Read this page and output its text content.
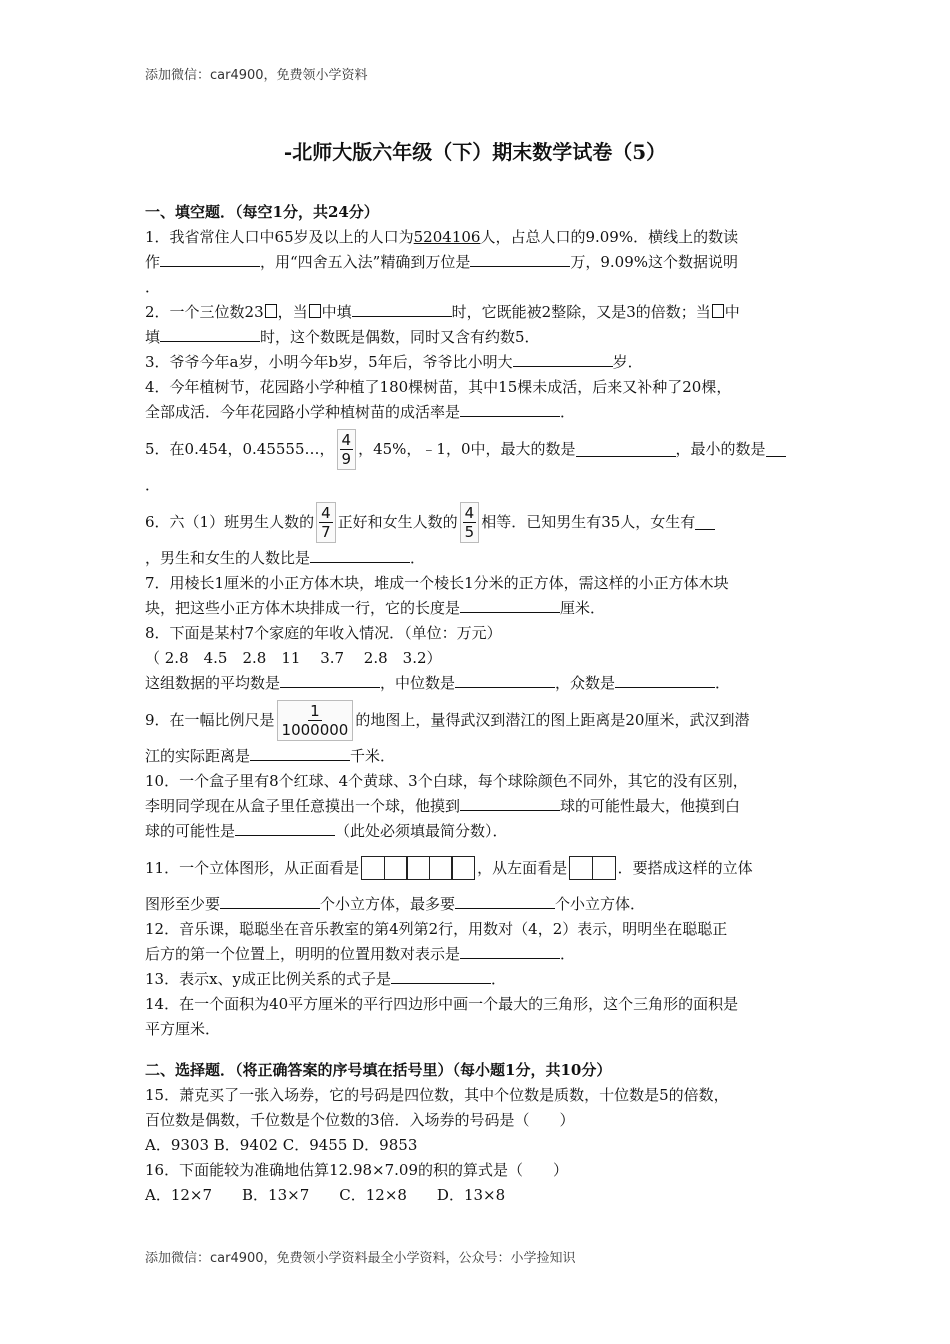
添加微信：car4900，免费领小学资料
-北师大版六年级（下）期末数学试卷（5）
一、填空题．（每空1分，共24分）
1．我省常住人口中65岁及以上的人口为5204106人，占总人口的9.09%．横线上的数读
作	，用“四舍五入法”精确到万位是	万，9.09%这个数据说明
．
2．一个三位数23 ，当 中填	时，它既能被2整除，又是3的倍数；当 中
填	时，这个数既是偶数，同时又含有约数5．
3．爷爷今年a岁，小明今年b岁，5年后，爷爷比小明大	岁．
4．今年植树节，花园路小学种植了180棵树苗，其中15棵未成活，后来又补种了20棵，
全部成活．今年花园路小学种植树苗的成活率是	．
5．在0.454，0.45555…， $\frac{4}{9}$ ，45%，﹣1，0中，最大的数是	，最小的数是
．
6．六（1）班男生人数的 $\frac{4}{7}$ 正好和女生人数的 $\frac{4}{5}$ 相等．已知男生有35人，女生有
，男生和女生的人数比是	．
7．用棱长1厘米的小正方体木块，堆成一个棱长1分米的正方体，需这样的小正方体木块
块，把这些小正方体木块排成一行，它的长度是	厘米．
8．下面是某村7个家庭的年收入情况．（单位：万元）
（ 2.8　4.5　2.8　11　 3.7　 2.8　3.2）
这组数据的平均数是	，中位数是	，众数是	．
9．在一幅比例尺是 $\frac{1}{1000000}$ 的地图上，量得武汉到潜江的图上距离是20厘米，武汉到潜
江的实际距离是	千米．
10．一个盒子里有8个红球、4个黄球、3个白球，每个球除颜色不同外，其它的没有区别，
李明同学现在从盒子里任意摸出一个球，他摸到	球的可能性最大，他摸到白
球的可能性是	（此处必须填最简分数）．
11．一个立体图形，从正面看是	，从左面看是	．要搭成这样的立体
图形至少要	个小立方体，最多要	个小立方体．
12．音乐课，聪聪坐在音乐教室的第4列第2行，用数对（4，2）表示，明明坐在聪聪正
后方的第一个位置上，明明的位置用数对表示是	．
13．表示x、y成正比例关系的式子是	．
14．在一个面积为40平方厘米的平行四边形中画一个最大的三角形，这个三角形的面积是
平方厘米．
二、选择题．（将正确答案的序号填在括号里）（每小题1分，共10分）
15．萧克买了一张入场券，它的号码是四位数，其中个位数是质数，十位数是5的倍数，
百位数是偶数，千位数是个位数的3倍．入场券的号码是（　　）
A．9303 B．9402 C．9455 D．9853
16．下面能较为准确地估算12.98×7.09的积的算式是（　　）
A．12×7　　B．13×7　　C．12×8　　D．13×8
添加微信：car4900，免费领小学资料最全小学资料，公众号：小学捡知识
